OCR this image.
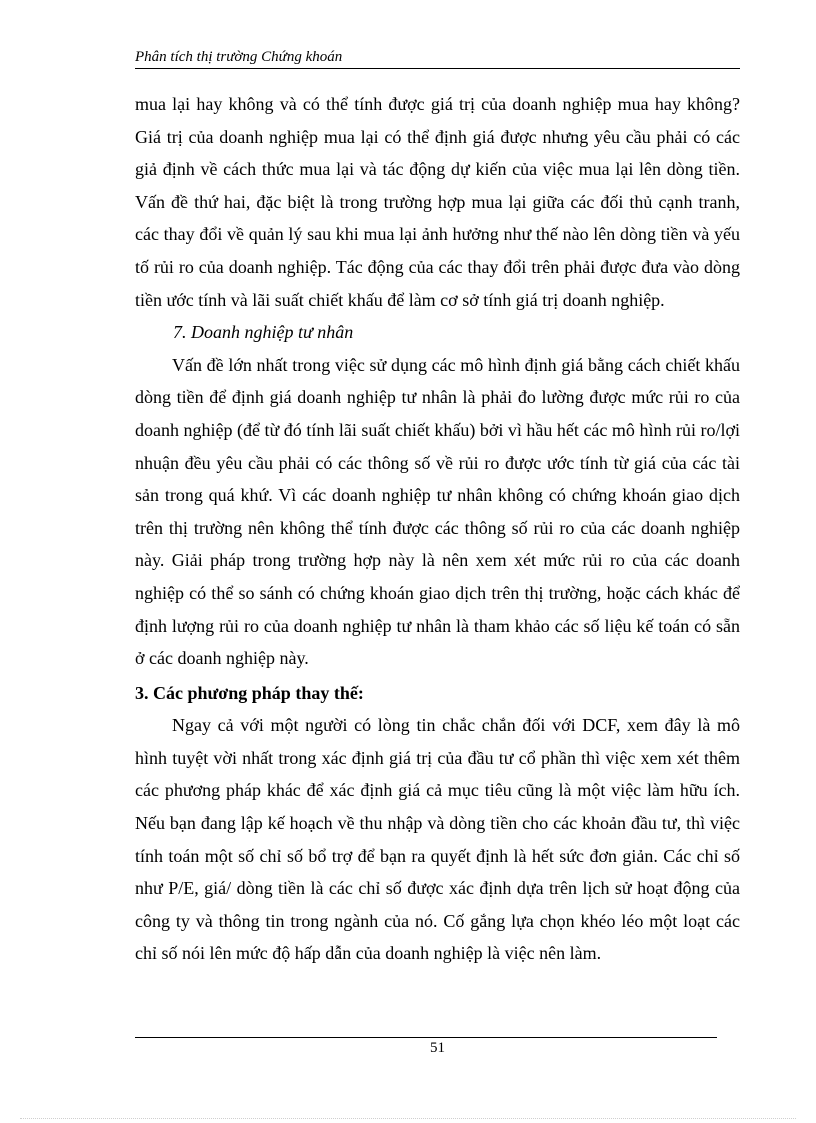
Phân tích thị trường Chứng khoán

mua lại hay không và có thể tính được giá trị của doanh nghiệp mua hay không? Giá trị của doanh nghiệp mua lại có thể định giá được nhưng yêu cầu phải có các giả định về cách thức mua lại và tác động dự kiến của việc mua lại lên dòng tiền. Vấn đề thứ hai, đặc biệt là trong trường hợp mua lại giữa các đối thủ cạnh tranh, các thay đổi về quản lý sau khi mua lại ảnh hưởng như thế nào lên dòng tiền và yếu tố rủi ro của doanh nghiệp. Tác động của các thay đổi trên phải được đưa vào dòng tiền ước tính và lãi suất chiết khấu để làm cơ sở tính giá trị doanh nghiệp.

7. Doanh nghiệp tư nhân

Vấn đề lớn nhất trong việc sử dụng các mô hình định giá bằng cách chiết khấu dòng tiền để định giá doanh nghiệp tư nhân là phải đo lường được mức rủi ro của doanh nghiệp (để từ đó tính lãi suất chiết khấu) bởi vì hầu hết các mô hình rủi ro/lợi nhuận đều yêu cầu phải có các thông số về rủi ro được ước tính từ giá của các tài sản trong quá khứ. Vì các doanh nghiệp tư nhân không có chứng khoán giao dịch trên thị trường nên không thể tính được các thông số rủi ro của các doanh nghiệp này. Giải pháp trong trường hợp này là nên xem xét mức rủi ro của các doanh nghiệp có thể so sánh có chứng khoán giao dịch trên thị trường, hoặc cách khác để định lượng rủi ro của doanh nghiệp tư nhân là tham khảo các số liệu kế toán có sẵn ở các doanh nghiệp này.

3. Các phương pháp thay thế:

Ngay cả với một người có lòng tin chắc chắn đối với DCF, xem đây là mô hình tuyệt vời nhất trong xác định giá trị của đầu tư cổ phần thì việc xem xét thêm các phương pháp khác để xác định giá cả mục tiêu cũng là một việc làm hữu ích. Nếu bạn đang lập kế hoạch về thu nhập và dòng tiền cho các khoản đầu tư, thì việc tính toán một số chỉ số bổ trợ để bạn ra quyết định là hết sức đơn giản. Các chỉ số như P/E, giá/ dòng tiền là các chỉ số được xác định dựa trên lịch sử hoạt động của công ty và thông tin trong ngành của nó. Cố gắng lựa chọn khéo léo một loạt các chỉ số nói lên mức độ hấp dẫn của doanh nghiệp là việc nên làm.

51
